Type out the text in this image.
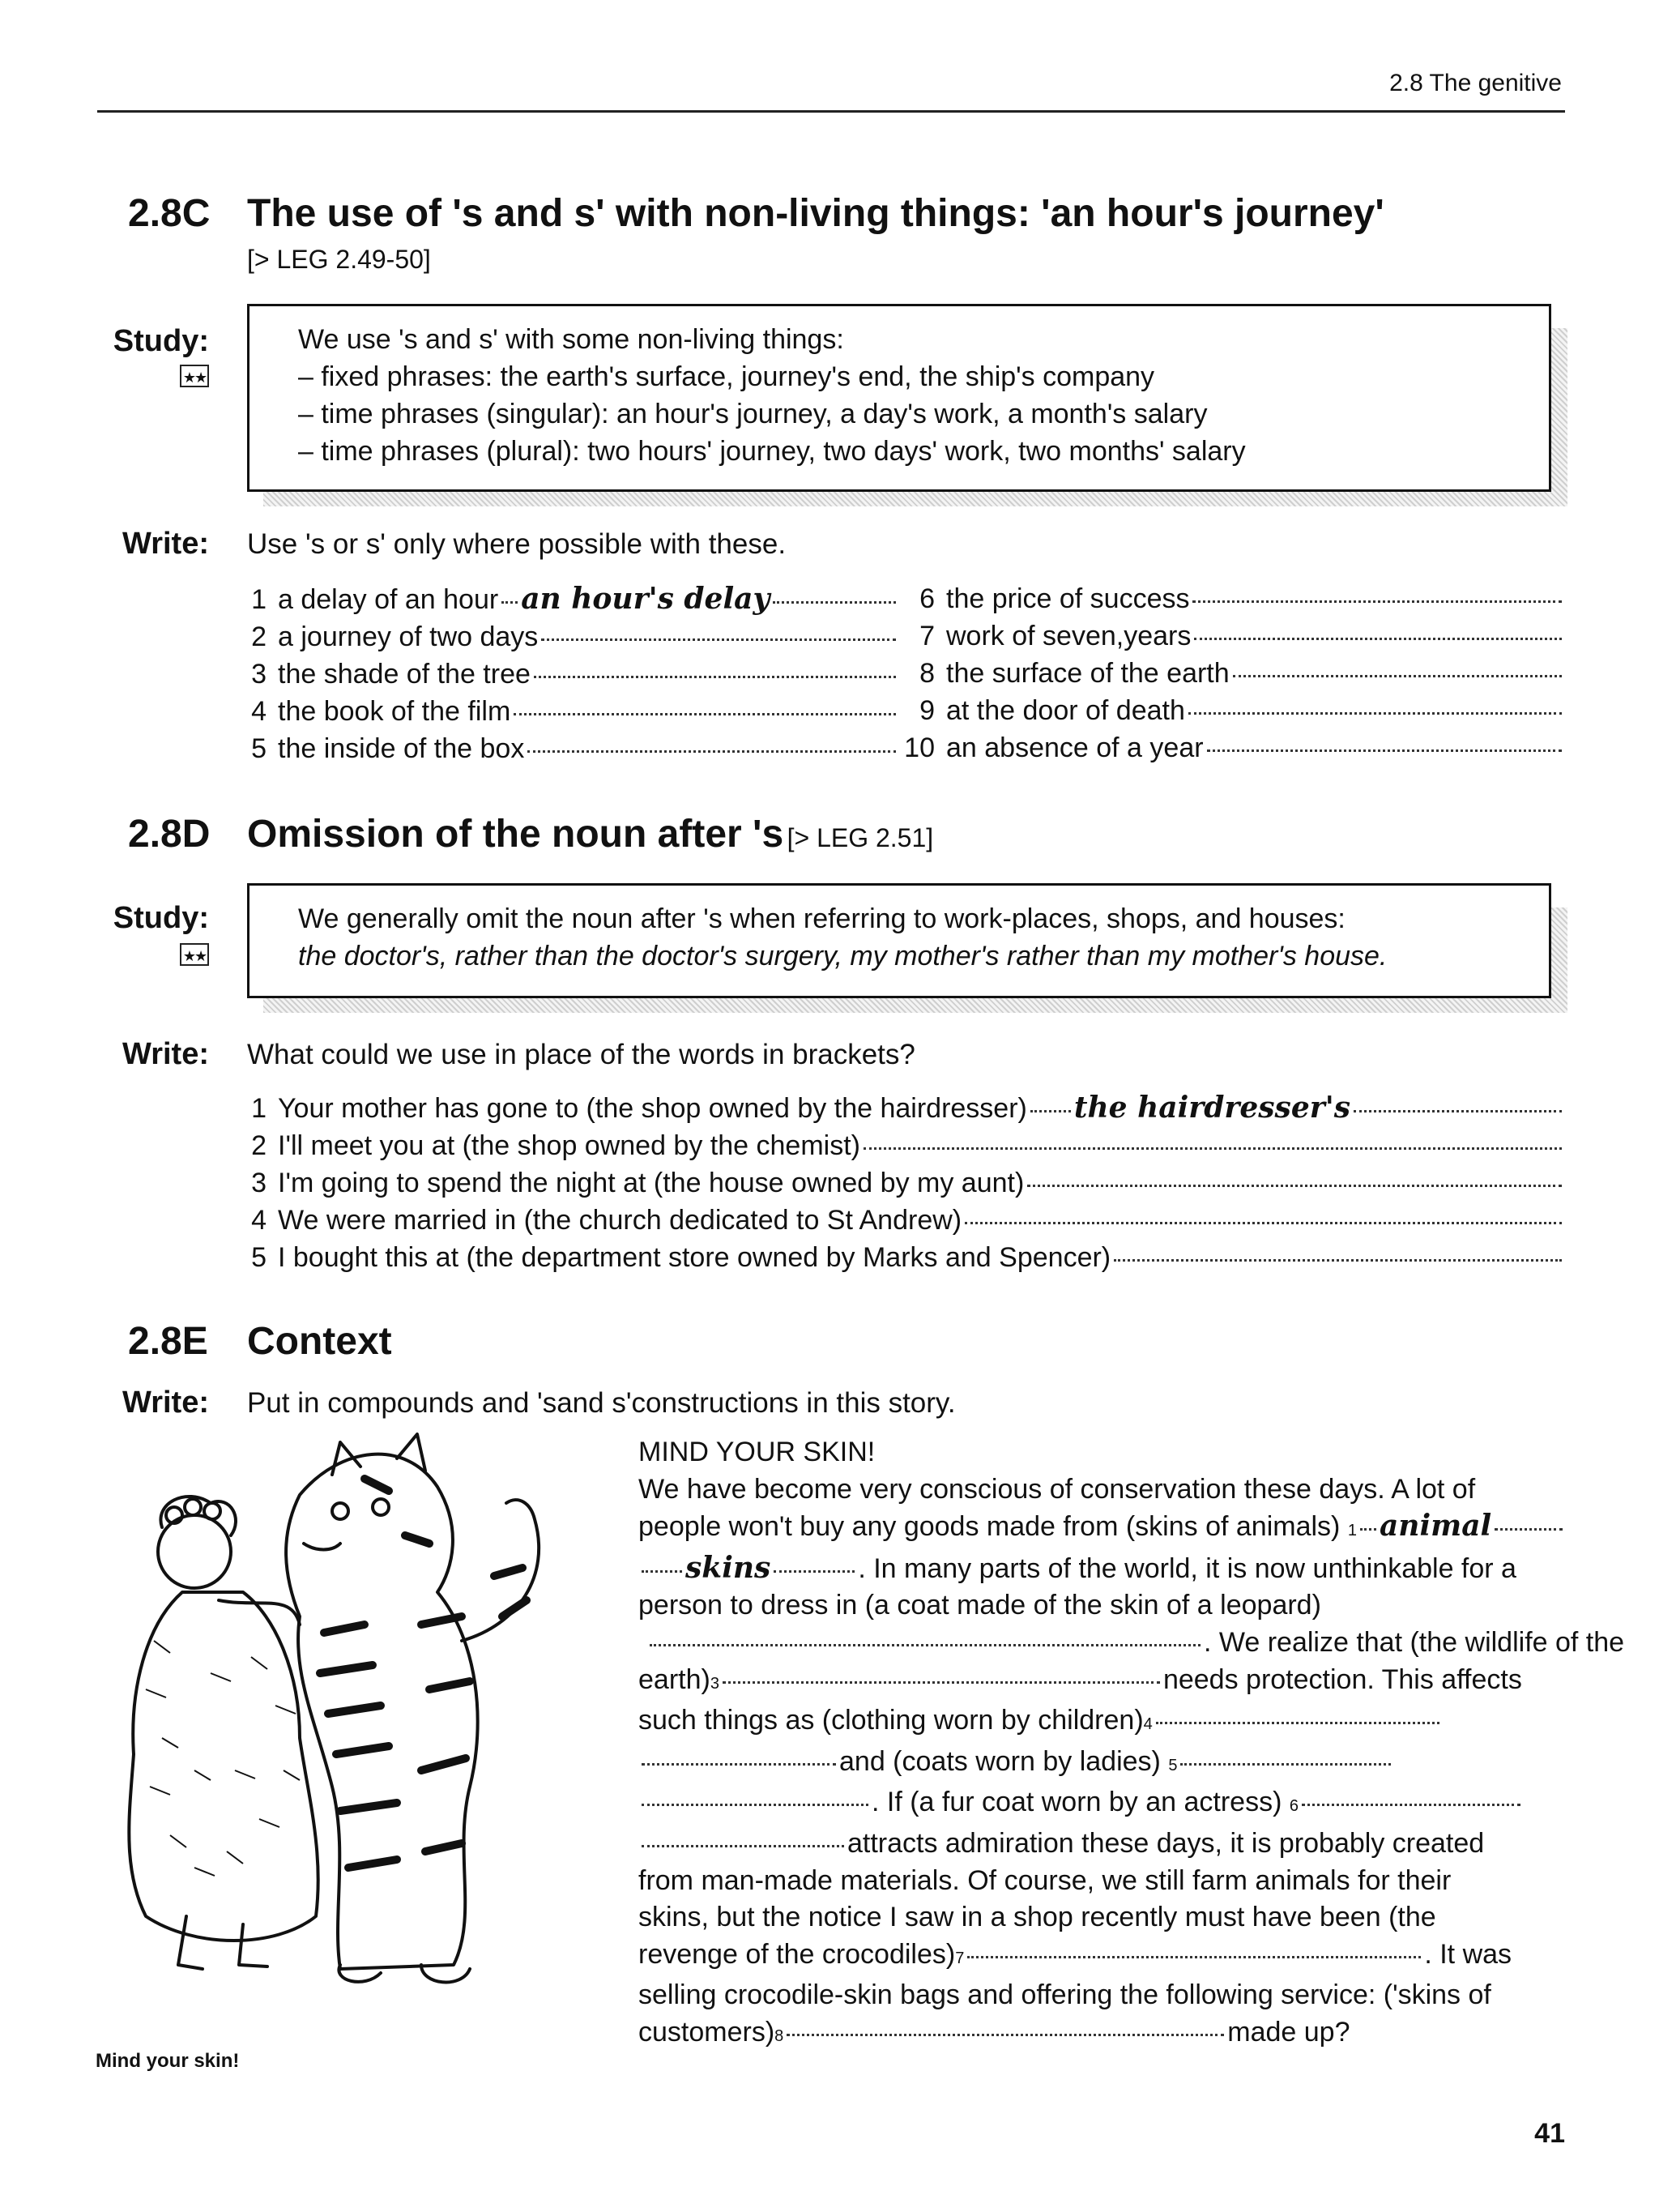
2.8 The genitive
2.8C The use of 's and s' with non-living things: 'an hour's journey'
[> LEG 2.49-50]
Study:
★★
We use 's and s' with some non-living things:
– fixed phrases: the earth's surface, journey's end, the ship's company
– time phrases (singular): an hour's journey, a day's work, a month's salary
– time phrases (plural): two hours' journey, two days' work, two months' salary
Write: Use 's or s' only where possible with these.
1 a delay of an hour an hour's delay
2 a journey of two days
3 the shade of the tree
4 the book of the film
5 the inside of the box
6 the price of success
7 work of seven,years
8 the surface of the earth
9 at the door of death
10 an absence of a year
2.8D Omission of the noun after 's [> LEG 2.51]
Study:
★★
We generally omit the noun after 's when referring to work-places, shops, and houses:
the doctor's, rather than the doctor's surgery, my mother's rather than my mother's house.
Write: What could we use in place of the words in brackets?
1 Your mother has gone to (the shop owned by the hairdresser) the hairdresser's
2 I'll meet you at (the shop owned by the chemist)
3 I'm going to spend the night at (the house owned by my aunt)
4 We were married in (the church dedicated to St Andrew)
5 I bought this at (the department store owned by Marks and Spencer)
2.8E Context
Write: Put in compounds and 'sand s'constructions in this story.
Mind your skin!
MIND YOUR SKIN!
We have become very conscious of conservation these days. A lot of
people won't buy any goods made from (skins of animals)
1 animal
skins	. In many parts of the world, it is now unthinkable for a
person to dress in (a coat made of the skin of a leopard)
. We realize that (the wildlife of the
earth) 3	needs protection. This affects
such things as (clothing worn by children) 4
and (coats worn by ladies)
5
. If (a fur coat worn by an actress)
6
attracts admiration these days, it is probably created
from man-made materials. Of course, we still farm animals for their
skins, but the notice I saw in a shop recently must have been (the
revenge of the crocodiles) 7	. It was
selling crocodile-skin bags and offering the following service: ('skins of
customers) 8	made up?
41
